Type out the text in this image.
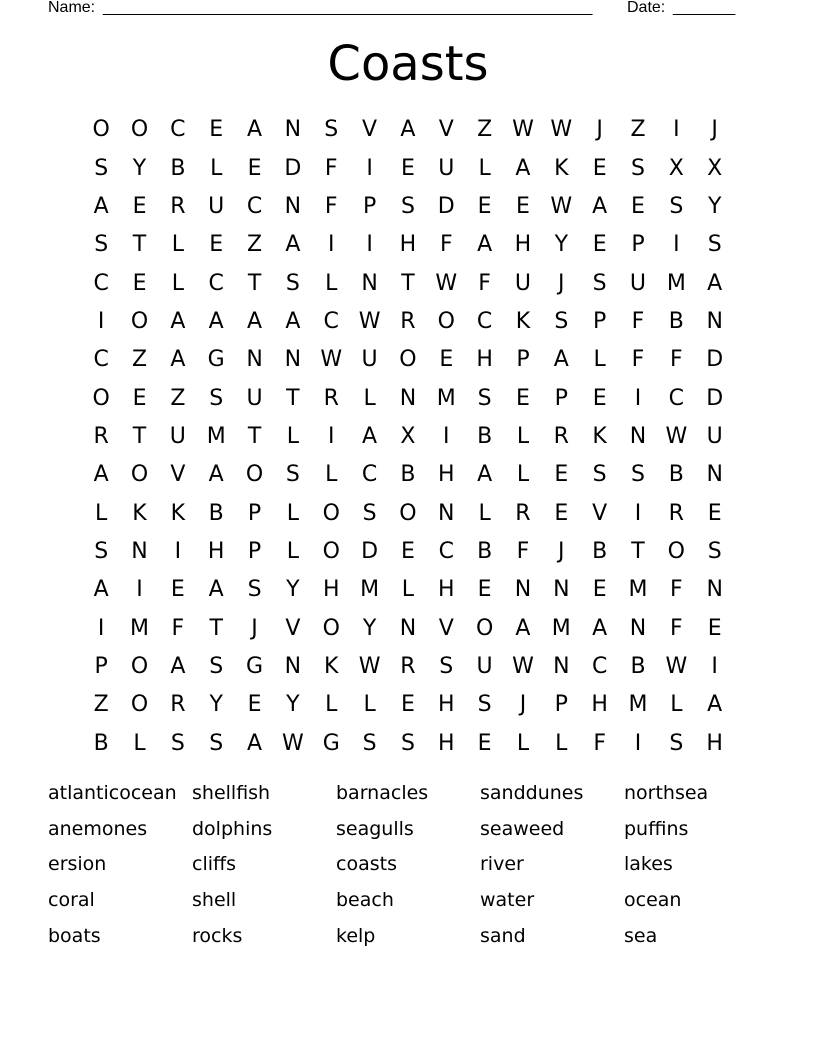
Name: _______________________________________________________ Date: _______
Coasts
O O	C	E	A	N	S	V	A	V	Z W W	J	Z	I	J
S	Y	B	L	E	D	F	I	E	U	L	A	K	E	S	X	X
A	E	R	U	C	N	F	P	S	D	E	E W A	E	S	Y
S	T	L	E	Z	A	I	I	H	F	A	H	Y	E	P	I	S
C	E	L	C	T	S	L	N	T W F	U	J	S	U M A
I	O	A	A	A	A	C W R	O	C	K	S	P	F	B	N
C	Z	A	G N N W U O	E	H	P	A	L	F	F	D
O	E	Z	S	U	T	R	L	N M S	E	P	E	I	C	D
R	T	U M	T	L	I	A	X	I	B	L	R	K	N W U
A	O	V	A	O	S	L	C	B	H	A	L	E	S	S	B	N
L	K	K	B	P	L	O	S	O N	L	R	E	V	I	R	E
S	N	I	H	P	L	O D	E	C	B	F	J	B	T	O	S
A	I	E	A	S	Y	H M	L	H	E	N N	E M	F	N
I	M	F	T	J	V	O	Y	N	V	O	A M A	N	F	E
P	O	A	S	G N	K W R	S	U W N	C	B W	I
Z	O	R	Y	E	Y	L	L	E	H	S	J	P	H M	L	A
B	L	S	S	A W G	S	S	H	E	L	L	F	I	S	H
atlanticocean shellfish	barnacles	sanddunes	northsea
anemones	dolphins	seagulls	seaweed	puffins
ersion	cliffs	coasts	river	lakes
coral	shell	beach	water	ocean
boats	rocks	kelp	sand	sea
